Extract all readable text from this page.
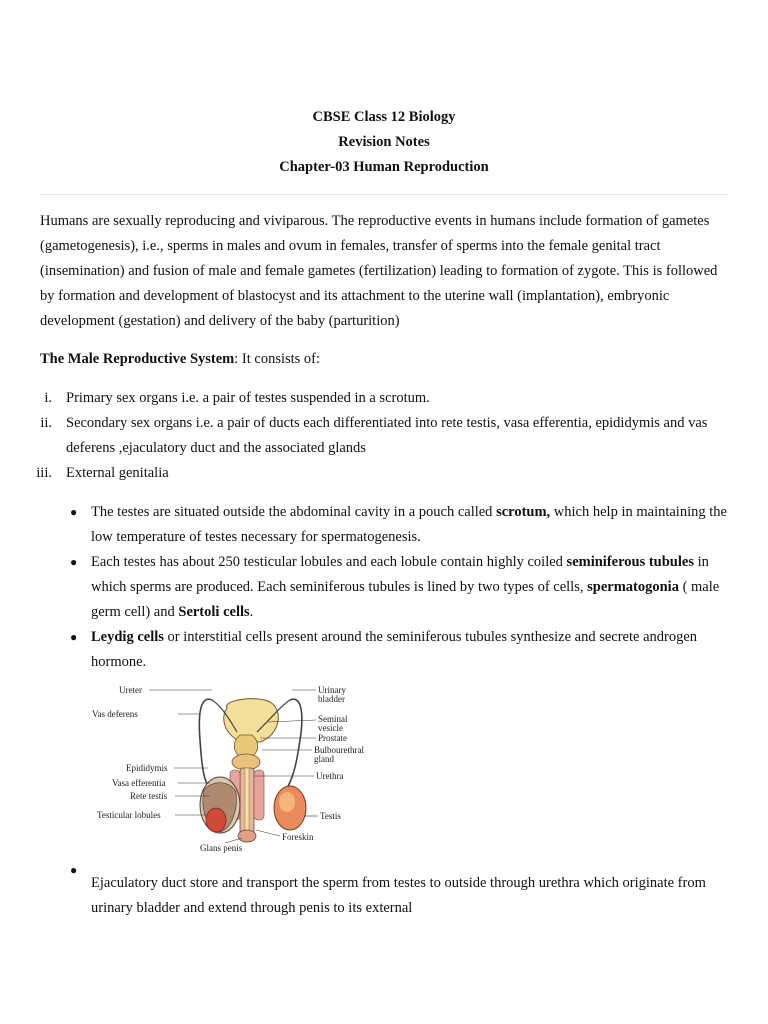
CBSE Class 12 Biology
Revision Notes
Chapter-03 Human Reproduction

Humans are sexually reproducing and viviparous. The reproductive events in humans include formation of gametes (gametogenesis), i.e., sperms in males and ovum in females, transfer of sperms into the female genital tract (insemination) and fusion of male and female gametes (fertilization) leading to formation of zygote. This is followed by formation and development of blastocyst and its attachment to the uterine wall (implantation), embryonic development (gestation) and delivery of the baby (parturition)

The Male Reproductive System: It consists of:

i. Primary sex organs i.e. a pair of testes suspended in a scrotum.
ii. Secondary sex organs i.e. a pair of ducts each differentiated into rete testis, vasa efferentia, epididymis and vas deferens ,ejaculatory duct and the associated glands
iii. External genitalia
● The testes are situated outside the abdominal cavity in a pouch called scrotum, which help in maintaining the low temperature of testes necessary for spermatogenesis.
● Each testes has about 250 testicular lobules and each lobule contain highly coiled seminiferous tubules in which sperms are produced. Each seminiferous tubules is lined by two types of cells, spermatogonia ( male germ cell) and Sertoli cells.
● Leydig cells or interstitial cells present around the seminiferous tubules synthesize and secrete androgen hormone.
Ureter
Vas deferens
Epididymis
Vasa efferentia
Rete testis
Testicular lobules
Glans penis
Urinary
bladder
Seminal
vesicle
Prostate
Bulbourethral
gland
Urethra
Testis
Foreskin
●

Ejaculatory duct store and transport the sperm from testes to outside through urethra which originate from urinary bladder and extend through penis to its external
